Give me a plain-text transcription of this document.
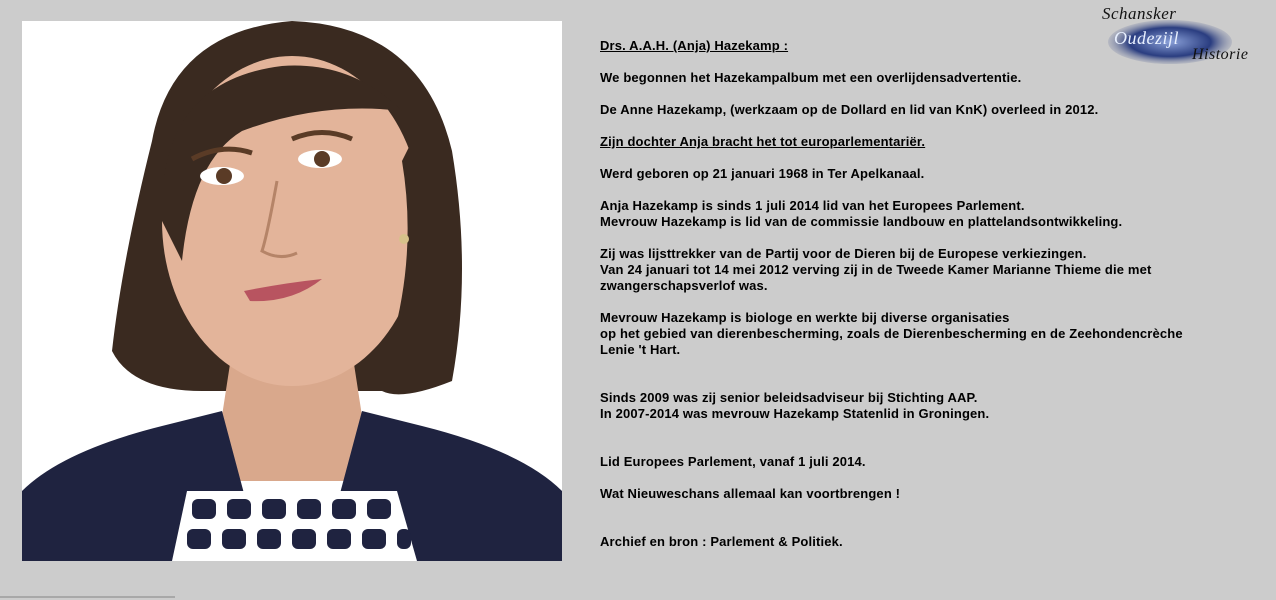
Schansker
Oudezijl
Historie

Drs. A.A.H. (Anja) Hazekamp :

We begonnen het Hazekampalbum met een overlijdensadvertentie.

De Anne Hazekamp, (werkzaam op de Dollard en lid van KnK) overleed in 2012.

Zijn dochter Anja bracht het tot europarlementariër.

Werd geboren op 21 januari 1968 in Ter Apelkanaal.

Anja Hazekamp is sinds 1 juli 2014 lid van het Europees Parlement.
Mevrouw Hazekamp is lid van de commissie landbouw en plattelandsontwikkeling.

Zij was lijsttrekker van de Partij voor de Dieren bij de Europese verkiezingen.
Van 24 januari tot 14 mei 2012 verving zij in de Tweede Kamer Marianne Thieme die met
zwangerschapsverlof was.

Mevrouw Hazekamp is biologe en werkte bij diverse organisaties
op het gebied van dierenbescherming, zoals de Dierenbescherming en de Zeehondencrèche
Lenie 't Hart.

Sinds 2009 was zij senior beleidsadviseur bij Stichting AAP.
In 2007-2014 was mevrouw Hazekamp Statenlid in Groningen.

Lid Europees Parlement, vanaf 1 juli 2014.

Wat Nieuweschans allemaal kan voortbrengen !

Archief en bron : Parlement & Politiek.
